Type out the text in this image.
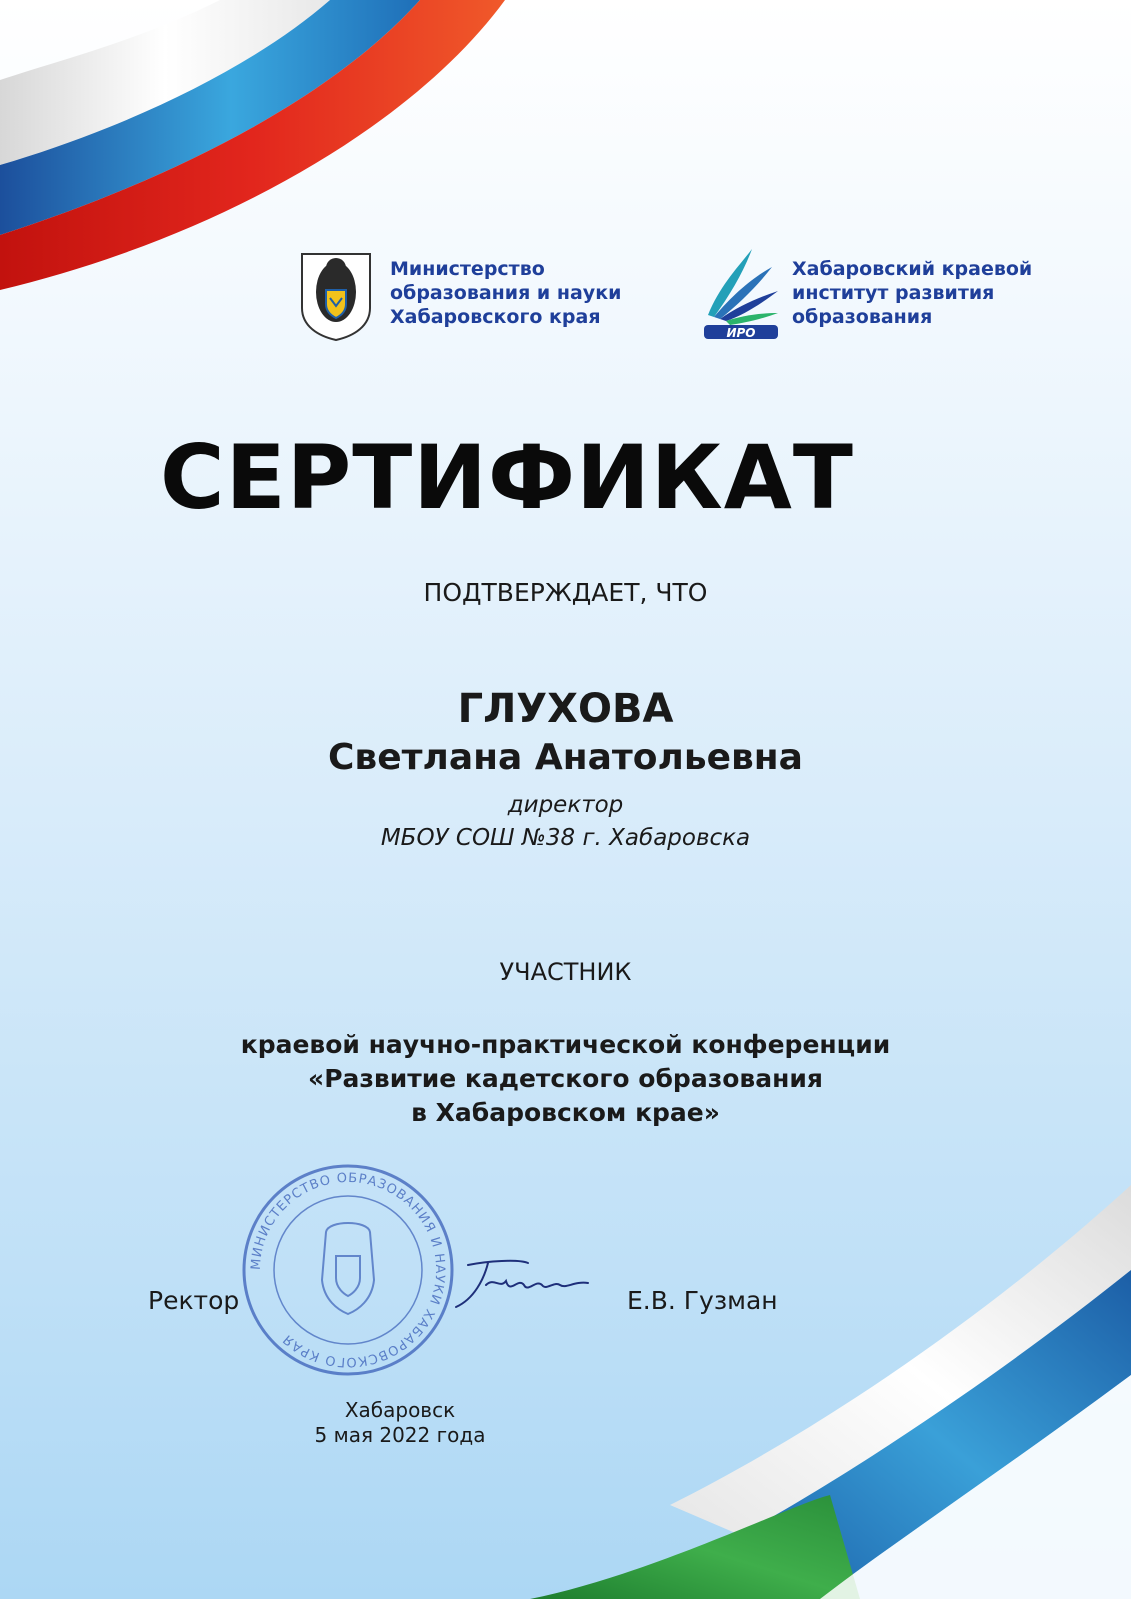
Министерство
образования и науки
Хабаровского края
ИРО
Хабаровский краевой
институт развития
образования
СЕРТИФИКАТ
ПОДТВЕРЖДАЕТ, ЧТО
ГЛУХОВА
Светлана Анатольевна
директор
МБОУ СОШ №38 г. Хабаровска
УЧАСТНИК
краевой научно-практической конференции
«Развитие кадетского образования
в Хабаровском крае»
МИНИСТЕРСТВО ОБРАЗОВАНИЯ И НАУКИ ХАБАРОВСКОГО КРАЯ
Ректор	Е.В. Гузман
Хабаровск
5 мая 2022 года
